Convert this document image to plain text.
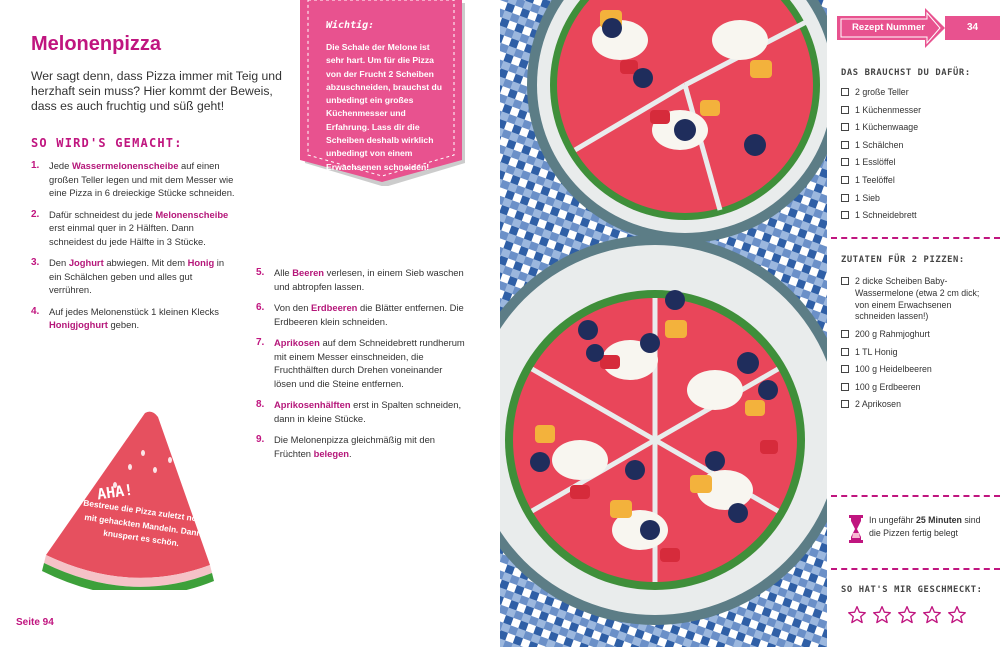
Melonenpizza

Wer sagt denn, dass Pizza immer mit Teig und herzhaft sein muss? Hier kommt der Beweis, dass es auch fruchtig und süß geht!

SO WIRD'S GEMACHT:
1. Jede Wassermelonenscheibe auf einen großen Teller legen und mit dem Messer wie eine Pizza in 6 dreieckige Stücke schneiden.
2. Dafür schneidest du jede Melonenscheibe erst einmal quer in 2 Hälften. Dann schneidest du jede Hälfte in 3 Stücke.
3. Den Joghurt abwiegen. Mit dem Honig in ein Schälchen geben und alles gut verrühren.
4. Auf jedes Melonenstück 1 kleinen Klecks Honigjoghurt geben.
5. Alle Beeren verlesen, in einem Sieb waschen und abtropfen lassen.
6. Von den Erdbeeren die Blätter entfernen. Die Erdbeeren klein schneiden.
7. Aprikosen auf dem Schneidebrett rundherum mit einem Messer einschneiden, die Fruchthälften durch Drehen voneinander lösen und die Steine entfernen.
8. Aprikosenhälften erst in Spalten schneiden, dann in kleine Stücke.
9. Die Melonenpizza gleichmäßig mit den Früchten belegen.
Wichtig:
Die Schale der Melone ist sehr hart. Um für die Pizza von der Frucht 2 Scheiben abzuschneiden, brauchst du unbedingt ein großes Küchenmesser und Erfahrung. Lass dir die Scheiben deshalb wirklich unbedingt von einem Erwachsenen schneiden!
AHA!
Bestreue die Pizza zuletzt noch mit gehackten Mandeln. Dann knuspert es schön.
Seite 94
Rezept Nummer	34
DAS BRAUCHST DU DAFÜR:
2 große Teller
1 Küchenmesser
1 Küchenwaage
1 Schälchen
1 Esslöffel
1 Teelöffel
1 Sieb
1 Schneidebrett
ZUTATEN FÜR 2 PIZZEN:
2 dicke Scheiben Baby-Wassermelone (etwa 2 cm dick; von einem Erwachsenen schneiden lassen!)
200 g Rahmjoghurt
1 TL Honig
100 g Heidelbeeren
100 g Erdbeeren
2 Aprikosen
In ungefähr 25 Minuten sind die Pizzen fertig belegt
SO HAT'S MIR GESCHMECKT:
